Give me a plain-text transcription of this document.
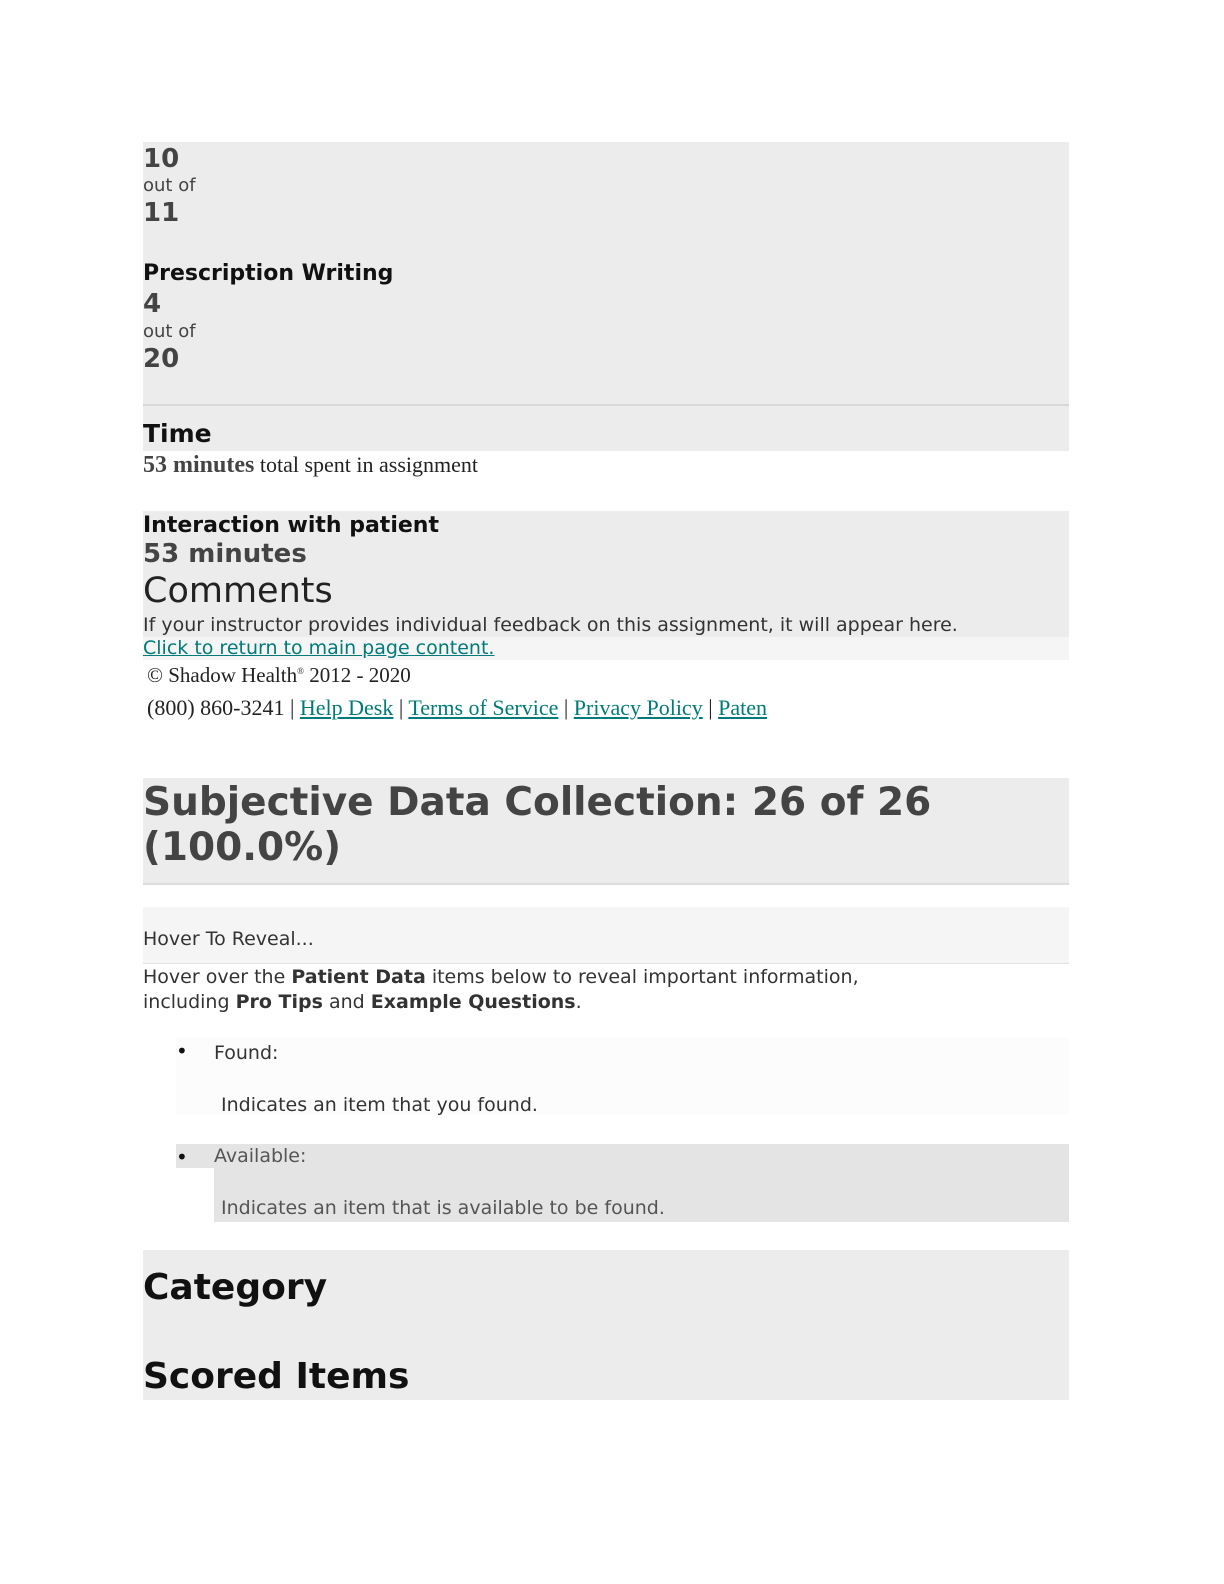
10
out of
11
Prescription Writing
4
out of
20
Time
53 minutes total spent in assignment
Interaction with patient
53 minutes
Comments
If your instructor provides individual feedback on this assignment, it will appear here.
Click to return to main page content.
© Shadow Health® 2012 - 2020
(800) 860-3241 | Help Desk | Terms of Service | Privacy Policy | Paten
Subjective Data Collection: 26 of 26
(100.0%)
Hover To Reveal...
Hover over the Patient Data items below to reveal important information,
including Pro Tips and Example Questions.
• Found:
Indicates an item that you found.
• Available:
Indicates an item that is available to be found.
Category
Scored Items
